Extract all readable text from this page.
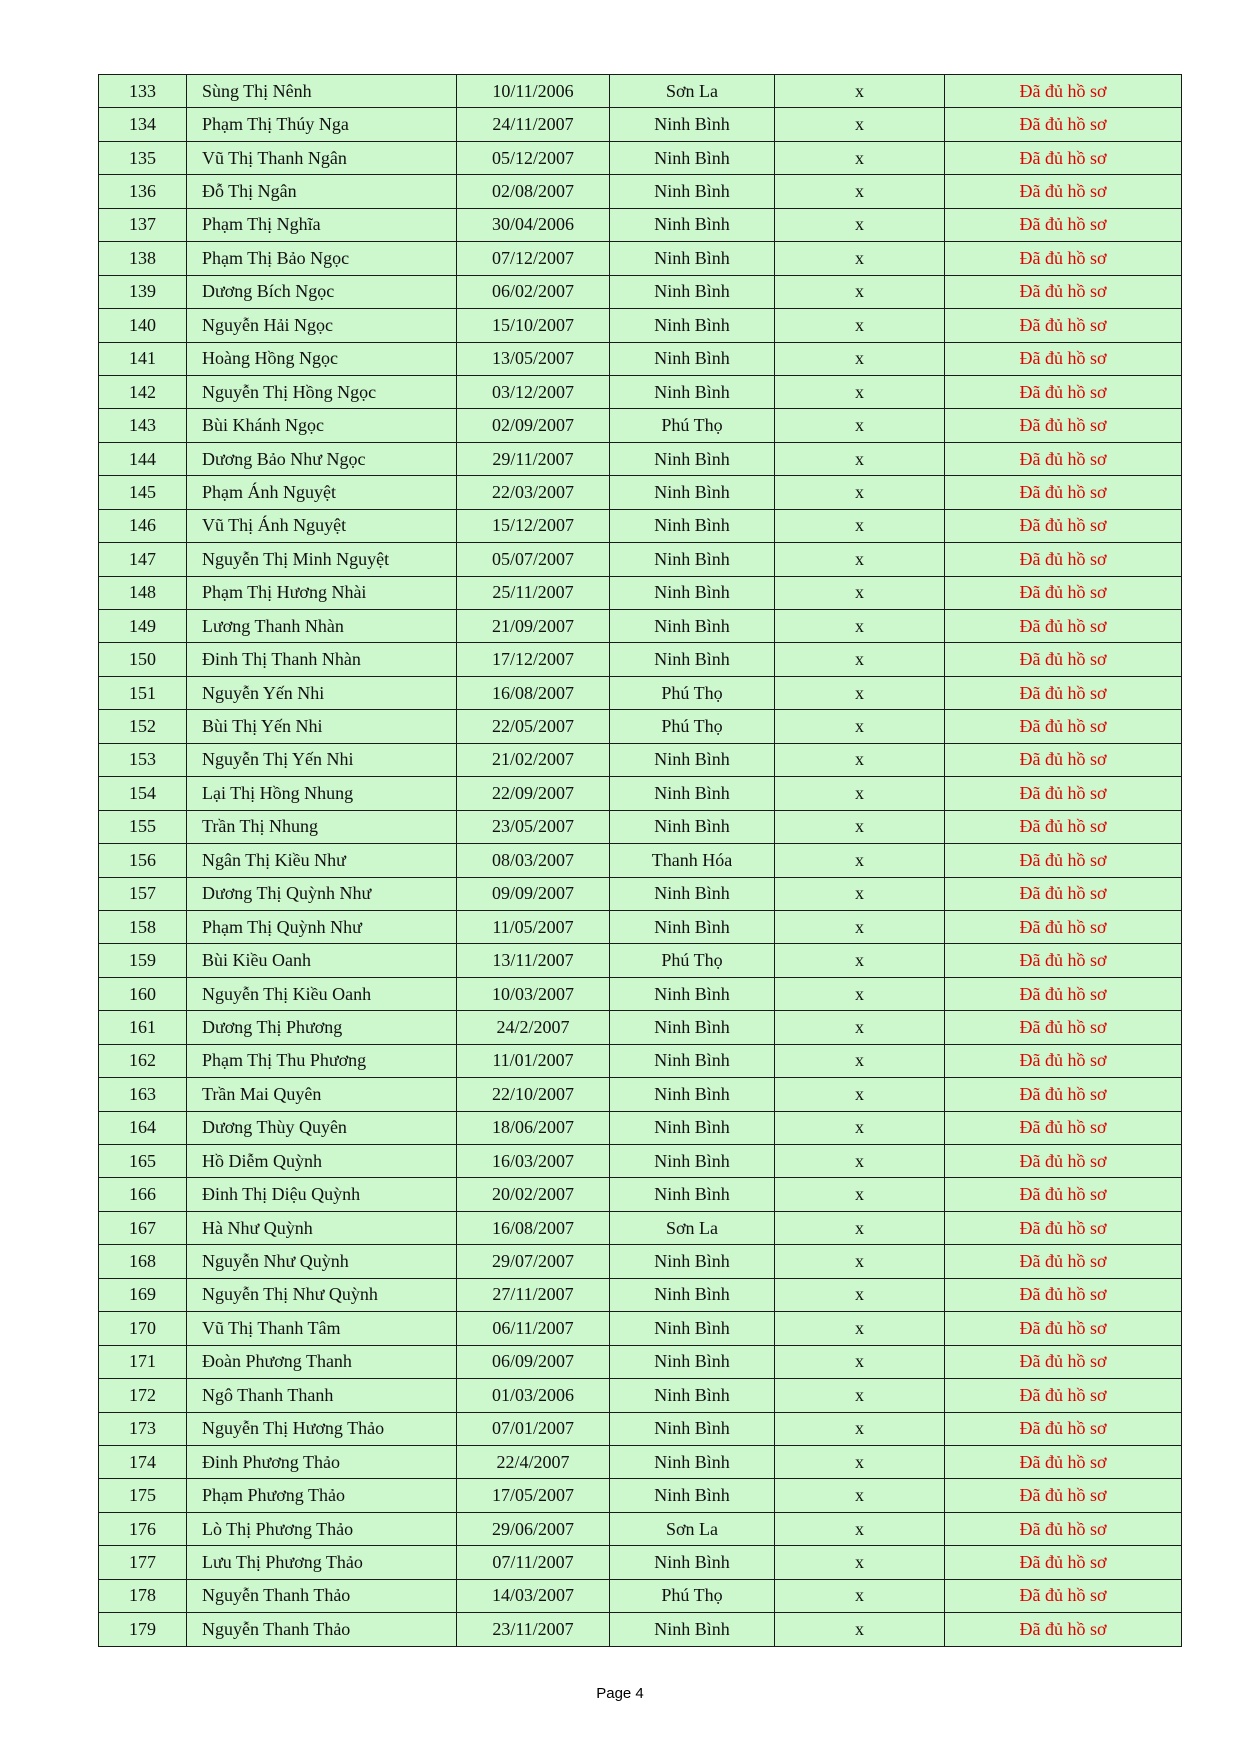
133	Sùng Thị Nênh	10/11/2006	Sơn La	x	Đã đủ hồ sơ
134	Phạm Thị Thúy Nga	24/11/2007	Ninh Bình	x	Đã đủ hồ sơ
135	Vũ Thị Thanh Ngân	05/12/2007	Ninh Bình	x	Đã đủ hồ sơ
136	Đỗ Thị Ngân	02/08/2007	Ninh Bình	x	Đã đủ hồ sơ
137	Phạm Thị Nghĩa	30/04/2006	Ninh Bình	x	Đã đủ hồ sơ
138	Phạm Thị Bảo Ngọc	07/12/2007	Ninh Bình	x	Đã đủ hồ sơ
139	Dương Bích Ngọc	06/02/2007	Ninh Bình	x	Đã đủ hồ sơ
140	Nguyễn Hải Ngọc	15/10/2007	Ninh Bình	x	Đã đủ hồ sơ
141	Hoàng Hồng Ngọc	13/05/2007	Ninh Bình	x	Đã đủ hồ sơ
142	Nguyễn Thị Hồng Ngọc	03/12/2007	Ninh Bình	x	Đã đủ hồ sơ
143	Bùi Khánh Ngọc	02/09/2007	Phú Thọ	x	Đã đủ hồ sơ
144	Dương Bảo Như Ngọc	29/11/2007	Ninh Bình	x	Đã đủ hồ sơ
145	Phạm Ánh Nguyệt	22/03/2007	Ninh Bình	x	Đã đủ hồ sơ
146	Vũ Thị Ánh Nguyệt	15/12/2007	Ninh Bình	x	Đã đủ hồ sơ
147	Nguyễn Thị Minh Nguyệt	05/07/2007	Ninh Bình	x	Đã đủ hồ sơ
148	Phạm Thị Hương Nhài	25/11/2007	Ninh Bình	x	Đã đủ hồ sơ
149	Lương Thanh Nhàn	21/09/2007	Ninh Bình	x	Đã đủ hồ sơ
150	Đinh Thị Thanh Nhàn	17/12/2007	Ninh Bình	x	Đã đủ hồ sơ
151	Nguyễn Yến Nhi	16/08/2007	Phú Thọ	x	Đã đủ hồ sơ
152	Bùi Thị Yến Nhi	22/05/2007	Phú Thọ	x	Đã đủ hồ sơ
153	Nguyễn Thị Yến Nhi	21/02/2007	Ninh Bình	x	Đã đủ hồ sơ
154	Lại Thị Hồng Nhung	22/09/2007	Ninh Bình	x	Đã đủ hồ sơ
155	Trần Thị Nhung	23/05/2007	Ninh Bình	x	Đã đủ hồ sơ
156	Ngân Thị Kiều Như	08/03/2007	Thanh Hóa	x	Đã đủ hồ sơ
157	Dương Thị Quỳnh Như	09/09/2007	Ninh Bình	x	Đã đủ hồ sơ
158	Phạm Thị Quỳnh Như	11/05/2007	Ninh Bình	x	Đã đủ hồ sơ
159	Bùi Kiều Oanh	13/11/2007	Phú Thọ	x	Đã đủ hồ sơ
160	Nguyễn Thị Kiều Oanh	10/03/2007	Ninh Bình	x	Đã đủ hồ sơ
161	Dương Thị Phương	24/2/2007	Ninh Bình	x	Đã đủ hồ sơ
162	Phạm Thị Thu Phương	11/01/2007	Ninh Bình	x	Đã đủ hồ sơ
163	Trần Mai Quyên	22/10/2007	Ninh Bình	x	Đã đủ hồ sơ
164	Dương Thùy Quyên	18/06/2007	Ninh Bình	x	Đã đủ hồ sơ
165	Hồ Diễm Quỳnh	16/03/2007	Ninh Bình	x	Đã đủ hồ sơ
166	Đinh Thị Diệu Quỳnh	20/02/2007	Ninh Bình	x	Đã đủ hồ sơ
167	Hà Như Quỳnh	16/08/2007	Sơn La	x	Đã đủ hồ sơ
168	Nguyễn Như Quỳnh	29/07/2007	Ninh Bình	x	Đã đủ hồ sơ
169	Nguyễn Thị Như Quỳnh	27/11/2007	Ninh Bình	x	Đã đủ hồ sơ
170	Vũ Thị Thanh Tâm	06/11/2007	Ninh Bình	x	Đã đủ hồ sơ
171	Đoàn Phương Thanh	06/09/2007	Ninh Bình	x	Đã đủ hồ sơ
172	Ngô Thanh Thanh	01/03/2006	Ninh Bình	x	Đã đủ hồ sơ
173	Nguyễn Thị Hương Thảo	07/01/2007	Ninh Bình	x	Đã đủ hồ sơ
174	Đinh Phương Thảo	22/4/2007	Ninh Bình	x	Đã đủ hồ sơ
175	Phạm Phương Thảo	17/05/2007	Ninh Bình	x	Đã đủ hồ sơ
176	Lò Thị Phương Thảo	29/06/2007	Sơn La	x	Đã đủ hồ sơ
177	Lưu Thị Phương Thảo	07/11/2007	Ninh Bình	x	Đã đủ hồ sơ
178	Nguyễn Thanh Thảo	14/03/2007	Phú Thọ	x	Đã đủ hồ sơ
179	Nguyễn Thanh Thảo	23/11/2007	Ninh Bình	x	Đã đủ hồ sơ
Page 4
